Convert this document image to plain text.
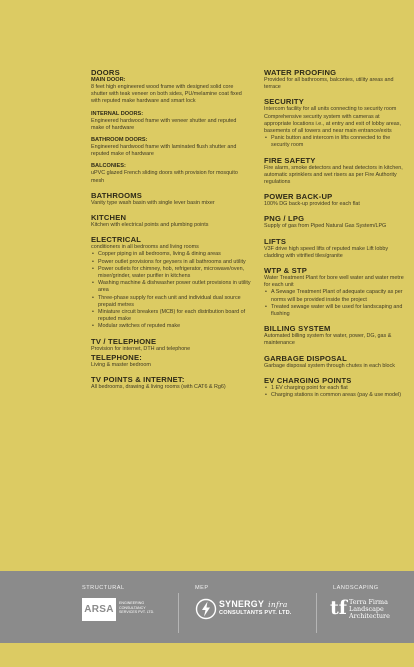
DOORS
MAIN DOOR:
8 feet high engineered wood frame with designed solid core shutter with teak veneer on both sides, PU/melamine coat fixed with reputed make hardware and smart lock
INTERNAL DOORS:
Engineered hardwood frame with veneer shutter and reputed make of hardware
BATHROOM DOORS:
Engineered hardwood frame with laminated flush shutter and reputed make of hardware
BALCONIES:
uPVC glazed French sliding doors with provision for mosquito mesh
BATHROOMS
Vanity type wash basin with single lever basin mixer
KITCHEN
Kitchen with electrical points and plumbing points
ELECTRICAL
conditioners in all bedrooms and living rooms
• Copper piping in all bedrooms, living & dining areas
• Power outlet provisions for geysers in all bathrooms and utility
• Power outlets for chimney, hob, refrigerator, microwave/oven, mixer/grinder, water purifier in kitchens
• Washing machine & dishwasher power outlet provisions in utility area
• Three-phase supply for each unit and individual dual source prepaid metres
• Miniature circuit breakers (MCB) for each distribution board of reputed make
• Modular switches of reputed make
TV / TELEPHONE
Provision for internet, DTH and telephone
TELEPHONE:
Living & master bedroom
TV POINTS & INTERNET:
All bedrooms, drawing & living rooms (with CAT6 & Rg6)
WATER PROOFING
Provided for all bathrooms, balconies, utility areas and terrace
SECURITY
Intercom facility for all units connecting to security room Comprehensive security system with cameras at appropriate locations i.e., at entry and exit of lobby areas, basements of all towers and near main entrance/exits
• Panic button and intercom in lifts connected to the security room
FIRE SAFETY
Fire alarm, smoke detectors and heat detectors in kitchen, automatic sprinklers and wet risers as per Fire Authority regulations
POWER BACK-UP
100% DG back-up provided for each flat
PNG / LPG
Supply of gas from Piped Natural Gas System/LPG
LIFTS
V3F drive high speed lifts of reputed make Lift lobby cladding with vitrified tiles/granite
WTP & STP
Water Treatment Plant for bore well water and water metre for each unit
• A Sewage Treatment Plant of adequate capacity as per norms will be provided inside the project
• Treated sewage water will be used for landscaping and flushing
BILLING SYSTEM
Automated billing system for water, power, DG, gas & maintenance
GARBAGE DISPOSAL
Garbage disposal system through chutes in each block
EV CHARGING POINTS
• 1 EV charging point for each flat
• Charging stations in common areas (pay & use model)
STRUCTURAL	MEP	LANDSCAPING
ARSA
ENGINEERING CONSULTANCY SERVICES PVT. LTD.
SYNERGY infra
CONSULTANTS PVT. LTD. tf Terra Firma Landscape Architecture
